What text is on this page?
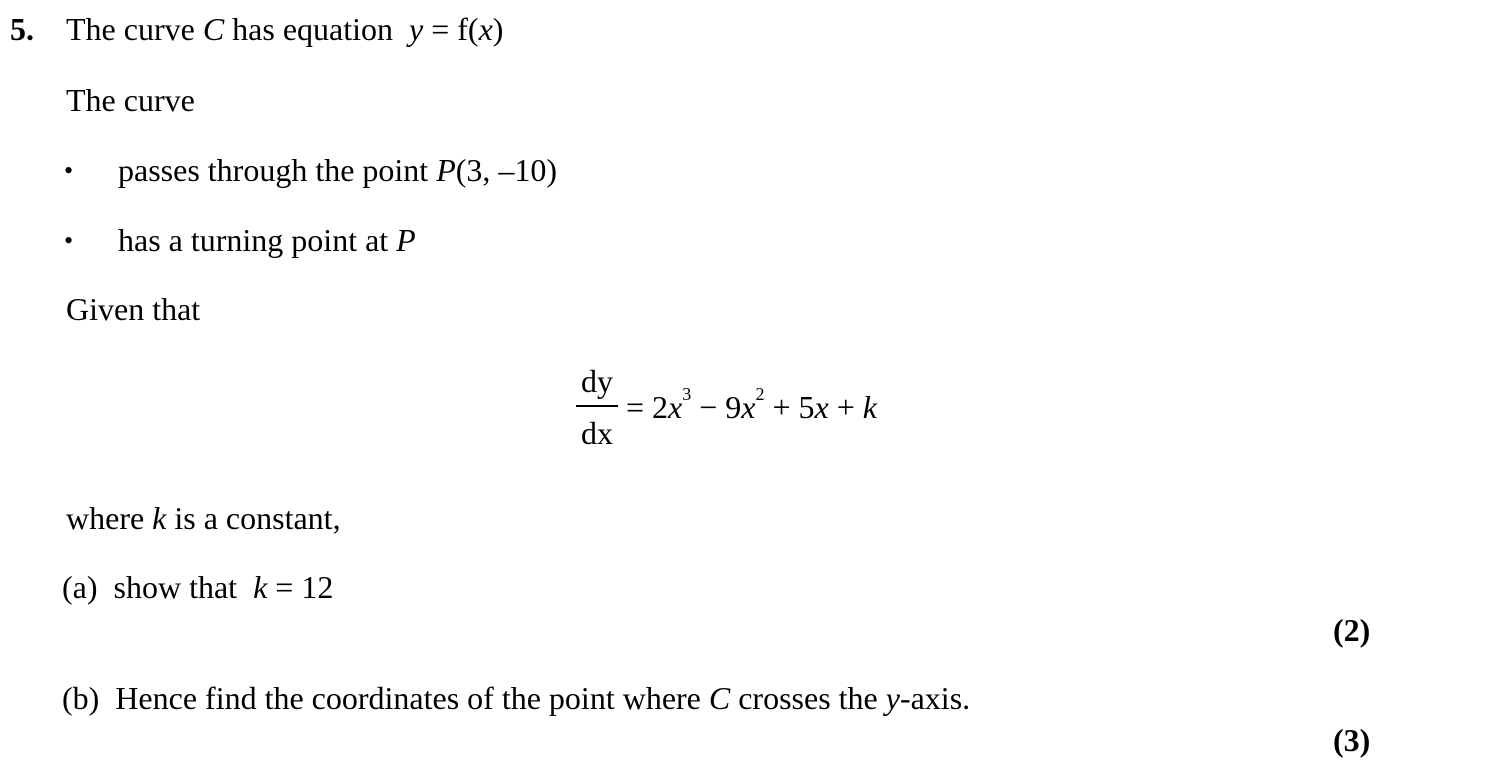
5. The curve C has equation y = f(x)
The curve
• passes through the point P(3, –10)
• has a turning point at P
Given that
dy
dx
= $2x^3 - 9x^2 + 5x + k$
where k is a constant,
(a) show that k = 12
(2)
(b) Hence find the coordinates of the point where C crosses the y-axis.
(3)
